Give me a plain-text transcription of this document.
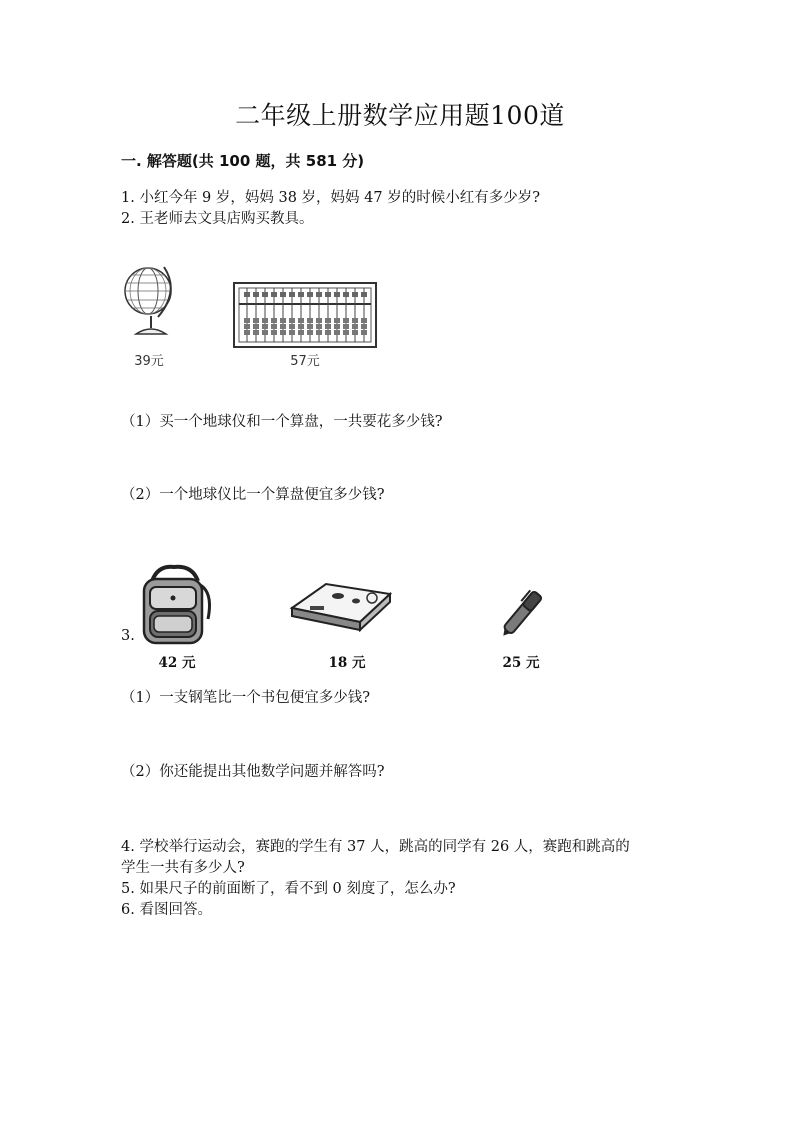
二年级上册数学应用题100道
一. 解答题(共 100 题，共 581 分)
1. 小红今年 9 岁，妈妈 38 岁，妈妈 47 岁的时候小红有多少岁?
2. 王老师去文具店购买教具。
39元	57元
（1）买一个地球仪和一个算盘，一共要花多少钱?
（2）一个地球仪比一个算盘便宜多少钱?
3.
42 元	18 元	25 元
（1）一支钢笔比一个书包便宜多少钱?
（2）你还能提出其他数学问题并解答吗?
4. 学校举行运动会，赛跑的学生有 37 人，跳高的同学有 26 人，赛跑和跳高的
学生一共有多少人?
5. 如果尺子的前面断了，看不到 0 刻度了，怎么办?
6. 看图回答。
